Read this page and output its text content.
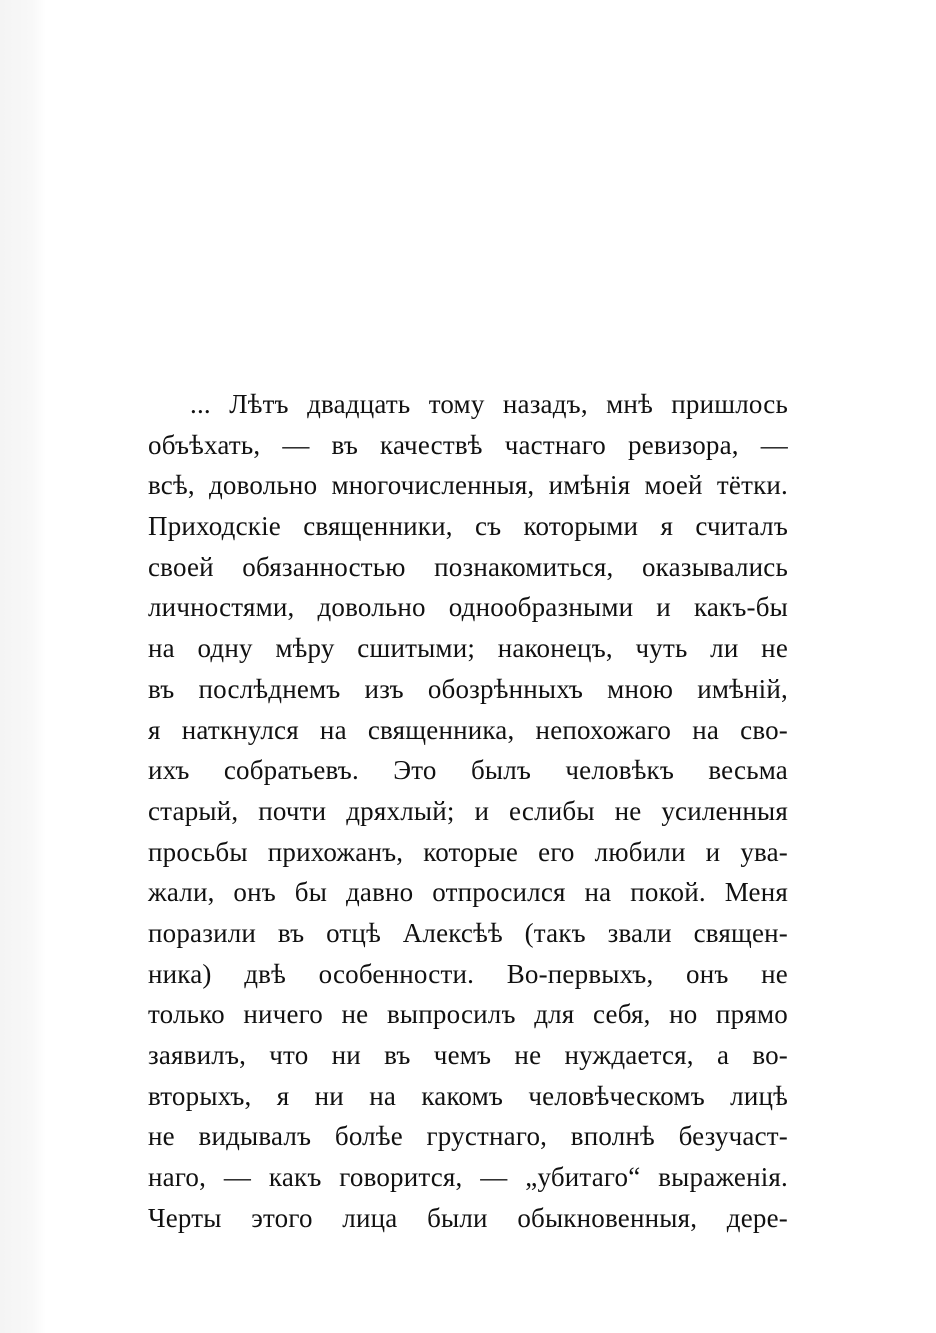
... Лѣтъ двадцать тому назадъ, мнѣ пришлось
объѣхать, — въ качествѣ частнаго ревизора, —
всѣ, довольно многочисленныя, имѣнія моей тётки.
Приходскіе священники, съ которыми я считалъ
своей обязанностью познакомиться, оказывались
личностями, довольно однообразными и какъ-бы
на одну мѣру сшитыми; наконецъ, чуть ли не
въ послѣднемъ изъ обозрѣнныхъ мною имѣній,
я наткнулся на священника, непохожаго на сво-
ихъ собратьевъ. Это былъ человѣкъ весьма
старый, почти дряхлый; и еслибы не усиленныя
просьбы прихожанъ, которые его любили и ува-
жали, онъ бы давно отпросился на покой. Меня
поразили въ отцѣ Алексѣѣ (такъ звали священ-
ника) двѣ особенности. Во-первыхъ, онъ не
только ничего не выпросилъ для себя, но прямо
заявилъ, что ни въ чемъ не нуждается, а во-
вторыхъ, я ни на какомъ человѣческомъ лицѣ
не видывалъ болѣе грустнаго, вполнѣ безучаст-
наго, — какъ говорится, — „убитаго“ выраженія.
Черты этого лица были обыкновенныя, дере-
